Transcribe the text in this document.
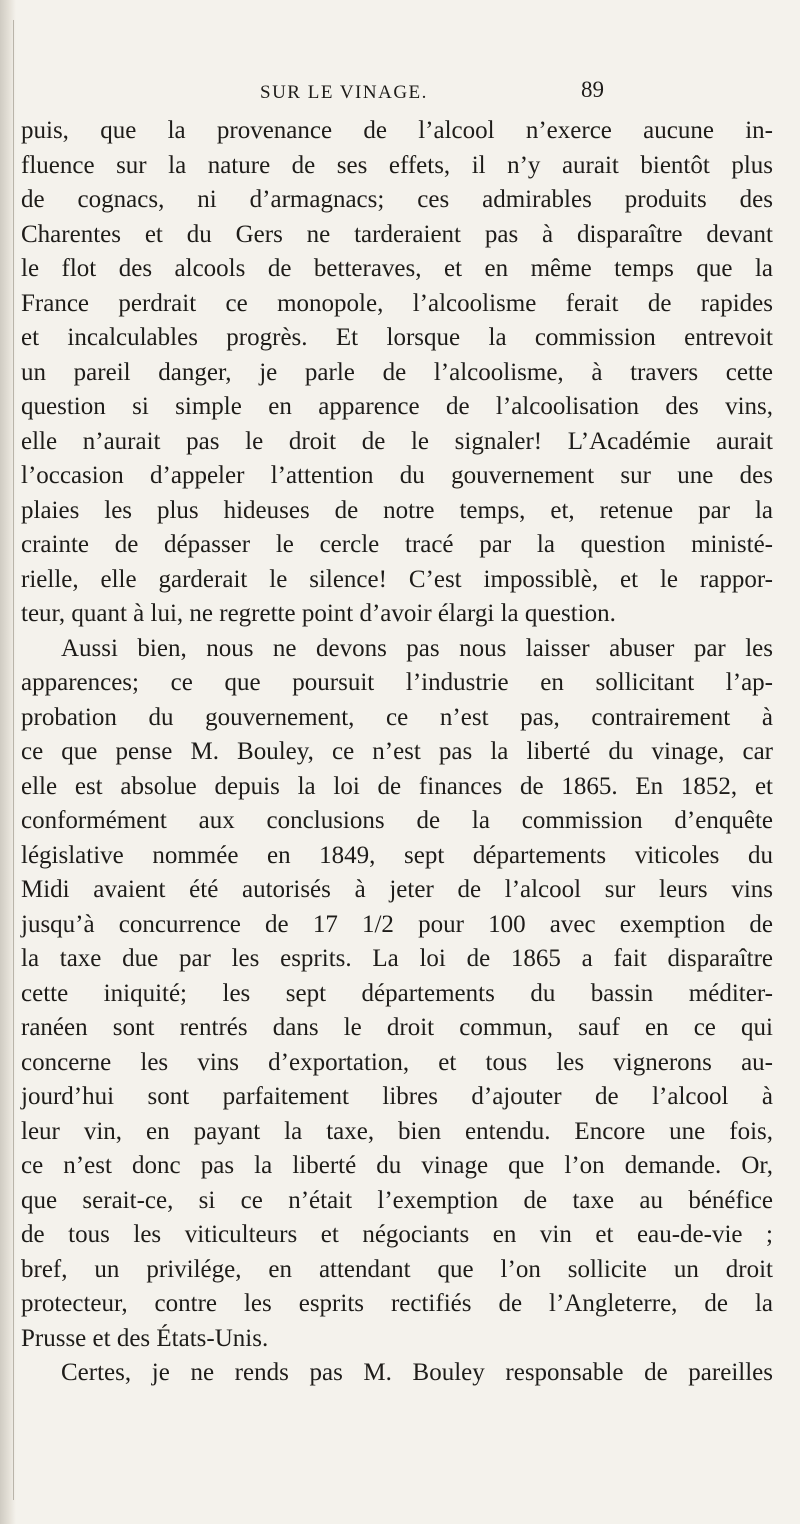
SUR LE VINAGE.	89
puis, que la provenance de l’alcool n’exerce aucune in-
fluence sur la nature de ses effets, il n’y aurait bientôt plus
de cognacs, ni d’armagnacs; ces admirables produits des
Charentes et du Gers ne tarderaient pas à disparaître devant
le flot des alcools de betteraves, et en même temps que la
France perdrait ce monopole, l’alcoolisme ferait de rapides
et incalculables progrès. Et lorsque la commission entrevoit
un pareil danger, je parle de l’alcoolisme, à travers cette
question si simple en apparence de l’alcoolisation des vins,
elle n’aurait pas le droit de le signaler! L’Académie aurait
l’occasion d’appeler l’attention du gouvernement sur une des
plaies les plus hideuses de notre temps, et, retenue par la
crainte de dépasser le cercle tracé par la question ministé-
rielle, elle garderait le silence! C’est impossiblè, et le rappor-
teur, quant à lui, ne regrette point d’avoir élargi la question.
Aussi bien, nous ne devons pas nous laisser abuser par les
apparences; ce que poursuit l’industrie en sollicitant l’ap-
probation du gouvernement, ce n’est pas, contrairement à
ce que pense M. Bouley, ce n’est pas la liberté du vinage, car
elle est absolue depuis la loi de finances de 1865. En 1852, et
conformément aux conclusions de la commission d’enquête
législative nommée en 1849, sept départements viticoles du
Midi avaient été autorisés à jeter de l’alcool sur leurs vins
jusqu’à concurrence de 17 1/2 pour 100 avec exemption de
la taxe due par les esprits. La loi de 1865 a fait disparaître
cette iniquité; les sept départements du bassin méditer-
ranéen sont rentrés dans le droit commun, sauf en ce qui
concerne les vins d’exportation, et tous les vignerons au-
jourd’hui sont parfaitement libres d’ajouter de l’alcool à
leur vin, en payant la taxe, bien entendu. Encore une fois,
ce n’est donc pas la liberté du vinage que l’on demande. Or,
que serait-ce, si ce n’était l’exemption de taxe au bénéfice
de tous les viticulteurs et négociants en vin et eau-de-vie ;
bref, un privilége, en attendant que l’on sollicite un droit
protecteur, contre les esprits rectifiés de l’Angleterre, de la
Prusse et des États-Unis.
Certes, je ne rends pas M. Bouley responsable de pareilles
